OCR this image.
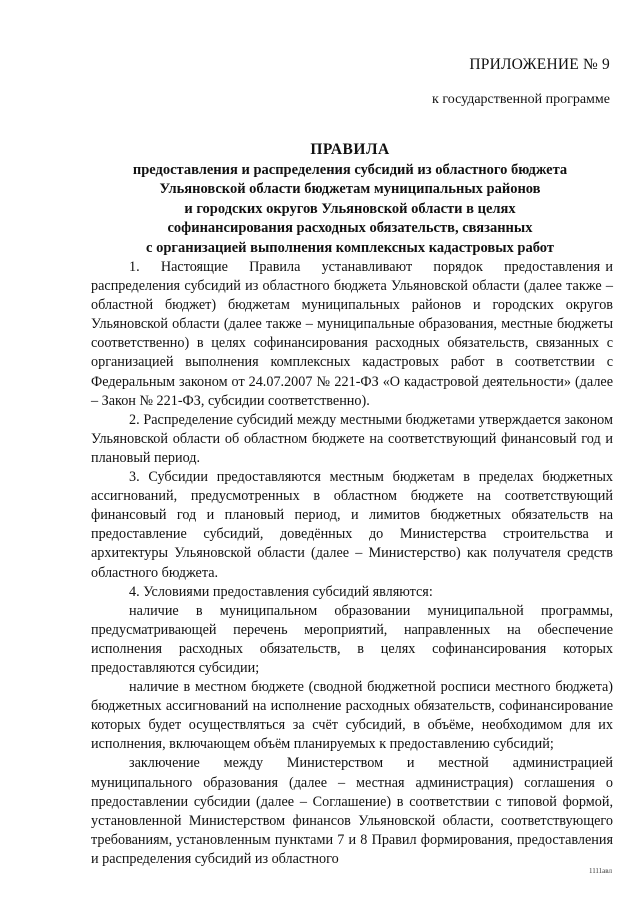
ПРИЛОЖЕНИЕ № 9
к государственной программе
ПРАВИЛА
предоставления и распределения субсидий из областного бюджета
Ульяновской области бюджетам муниципальных районов
и городских округов Ульяновской области в целях
софинансирования расходных обязательств, связанных
с организацией выполнения комплексных кадастровых работ

1.    Настоящие    Правила    устанавливают    порядок    предоставления и распределения субсидий из областного бюджета Ульяновской области (далее также – областной бюджет) бюджетам муниципальных районов и городских округов Ульяновской области (далее также – муниципальные образования, местные бюджеты соответственно) в целях софинансирования расходных обязательств, связанных с организацией выполнения комплексных кадастровых работ в соответствии с Федеральным законом от 24.07.2007 № 221-ФЗ «О кадастровой деятельности» (далее – Закон № 221-ФЗ, субсидии соответственно).

2. Распределение субсидий между местными бюджетами утверждается законом Ульяновской области об областном бюджете на соответствующий финансовый год и плановый период.

3. Субсидии предоставляются местным бюджетам в пределах бюджетных ассигнований, предусмотренных в областном бюджете на соответствующий финансовый год и плановый период, и лимитов бюджетных обязательств на предоставление субсидий, доведённых до Министерства строительства и архитектуры Ульяновской области (далее – Министерство) как получателя средств областного бюджета.

4. Условиями предоставления субсидий являются:

наличие в муниципальном образовании муниципальной программы, предусматривающей перечень мероприятий, направленных на обеспечение исполнения расходных обязательств, в целях софинансирования которых предоставляются субсидии;

наличие в местном бюджете (сводной бюджетной росписи местного бюджета) бюджетных ассигнований на исполнение расходных обязательств, софинансирование которых будет осуществляться за счёт субсидий, в объёме, необходимом для их исполнения, включающем объём планируемых к предоставлению субсидий;

заключение между Министерством и местной администрацией муниципального образования (далее – местная администрация) соглашения о предоставлении субсидии (далее – Соглашение) в соответствии с типовой формой, установленной Министерством финансов Ульяновской области, соответствующего требованиям, установленным пунктами 7 и 8 Правил формирования, предоставления и распределения субсидий из областного

1111авл
